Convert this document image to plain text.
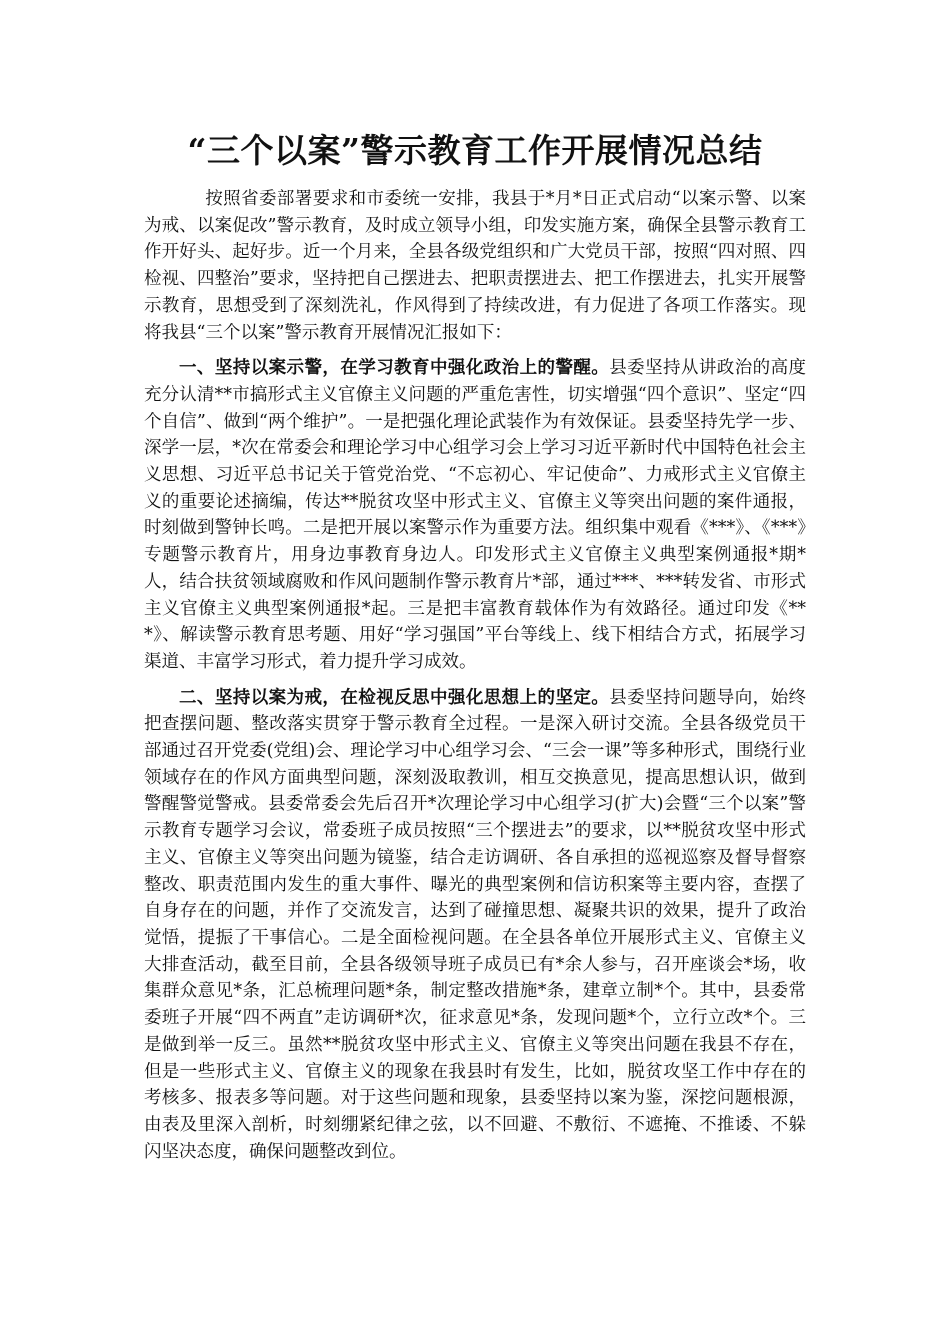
“三个以案”警示教育工作开展情况总结

按照省委部署要求和市委统一安排，我县于*月*日正式启动“以案示警、以案为戒、以案促改”警示教育，及时成立领导小组，印发实施方案，确保全县警示教育工作开好头、起好步。近一个月来，全县各级党组织和广大党员干部，按照“四对照、四检视、四整治”要求，坚持把自己摆进去、把职责摆进去、把工作摆进去，扎实开展警示教育，思想受到了深刻洗礼，作风得到了持续改进，有力促进了各项工作落实。现将我县“三个以案”警示教育开展情况汇报如下：

一、坚持以案示警，在学习教育中强化政治上的警醒。县委坚持从讲政治的高度充分认清**市搞形式主义官僚主义问题的严重危害性，切实增强“四个意识”、坚定“四个自信”、做到“两个维护”。一是把强化理论武装作为有效保证。县委坚持先学一步、深学一层，*次在常委会和理论学习中心组学习会上学习习近平新时代中国特色社会主义思想、习近平总书记关于管党治党、“不忘初心、牢记使命”、力戒形式主义官僚主义的重要论述摘编，传达**脱贫攻坚中形式主义、官僚主义等突出问题的案件通报，时刻做到警钟长鸣。二是把开展以案警示作为重要方法。组织集中观看《***》、《***》专题警示教育片，用身边事教育身边人。印发形式主义官僚主义典型案例通报*期*人，结合扶贫领域腐败和作风问题制作警示教育片*部，通过***、***转发省、市形式主义官僚主义典型案例通报*起。三是把丰富教育载体作为有效路径。通过印发《***》、解读警示教育思考题、用好“学习强国”平台等线上、线下相结合方式，拓展学习渠道、丰富学习形式，着力提升学习成效。

二、坚持以案为戒，在检视反思中强化思想上的坚定。县委坚持问题导向，始终把查摆问题、整改落实贯穿于警示教育全过程。一是深入研讨交流。全县各级党员干部通过召开党委(党组)会、理论学习中心组学习会、“三会一课”等多种形式，围绕行业领域存在的作风方面典型问题，深刻汲取教训，相互交换意见，提高思想认识，做到警醒警觉警戒。县委常委会先后召开*次理论学习中心组学习(扩大)会暨“三个以案”警示教育专题学习会议，常委班子成员按照“三个摆进去”的要求，以**脱贫攻坚中形式主义、官僚主义等突出问题为镜鉴，结合走访调研、各自承担的巡视巡察及督导督察整改、职责范围内发生的重大事件、曝光的典型案例和信访积案等主要内容，查摆了自身存在的问题，并作了交流发言，达到了碰撞思想、凝聚共识的效果，提升了政治觉悟，提振了干事信心。二是全面检视问题。在全县各单位开展形式主义、官僚主义大排查活动，截至目前，全县各级领导班子成员已有*余人参与，召开座谈会*场，收集群众意见*条，汇总梳理问题*条，制定整改措施*条，建章立制*个。其中，县委常委班子开展“四不两直”走访调研*次，征求意见*条，发现问题*个，立行立改*个。三是做到举一反三。虽然**脱贫攻坚中形式主义、官僚主义等突出问题在我县不存在，但是一些形式主义、官僚主义的现象在我县时有发生，比如，脱贫攻坚工作中存在的考核多、报表多等问题。对于这些问题和现象，县委坚持以案为鉴，深挖问题根源，由表及里深入剖析，时刻绷紧纪律之弦，以不回避、不敷衍、不遮掩、不推诿、不躲闪坚决态度，确保问题整改到位。
